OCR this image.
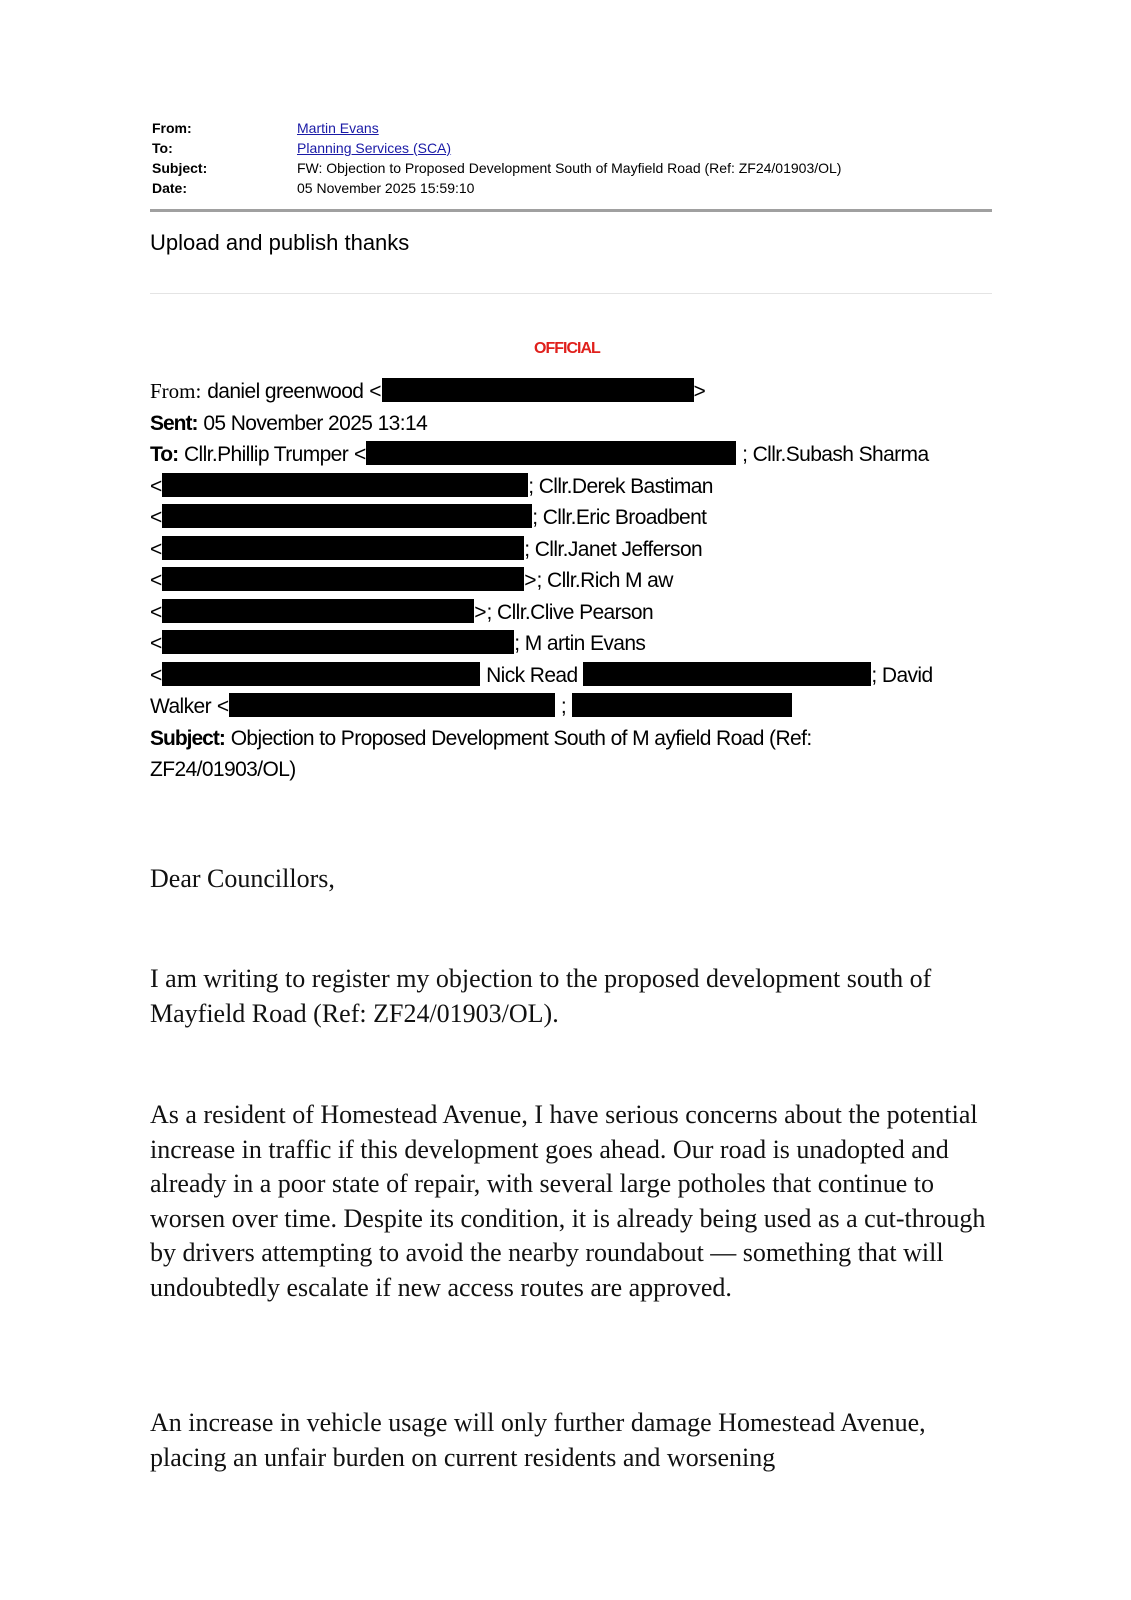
From:	Martin Evans
To:	Planning Services (SCA)
Subject:	FW: Objection to Proposed Development South of Mayfield Road (Ref: ZF24/01903/OL)
Date:	05 November 2025 15:59:10
Upload and publish thanks
OFFICIAL
From: daniel greenwood <	>
Sent: 05 November 2025 13:14
To: Cllr.Phillip Trumper <	; Cllr.Subash Sharma
<	; Cllr.Derek Bastiman
<	; Cllr.Eric Broadbent
<	; Cllr.Janet Jefferson
<	>; Cllr.Rich M aw
<	>; Cllr.Clive Pearson
<	; M artin Evans
<	Nick Read	; David
Walker <	;
Subject: Objection to Proposed Development South of M ayfield Road (Ref:
ZF24/01903/OL)
Dear Councillors,
I am writing to register my objection to the proposed development south of Mayfield Road (Ref: ZF24/01903/OL).
As a resident of Homestead Avenue, I have serious concerns about the potential increase in traffic if this development goes ahead. Our road is unadopted and already in a poor state of repair, with several large potholes that continue to worsen over time. Despite its condition, it is already being used as a cut-through by drivers attempting to avoid the nearby roundabout — something that will undoubtedly escalate if new access routes are approved.
An increase in vehicle usage will only further damage Homestead Avenue, placing an unfair burden on current residents and worsening
